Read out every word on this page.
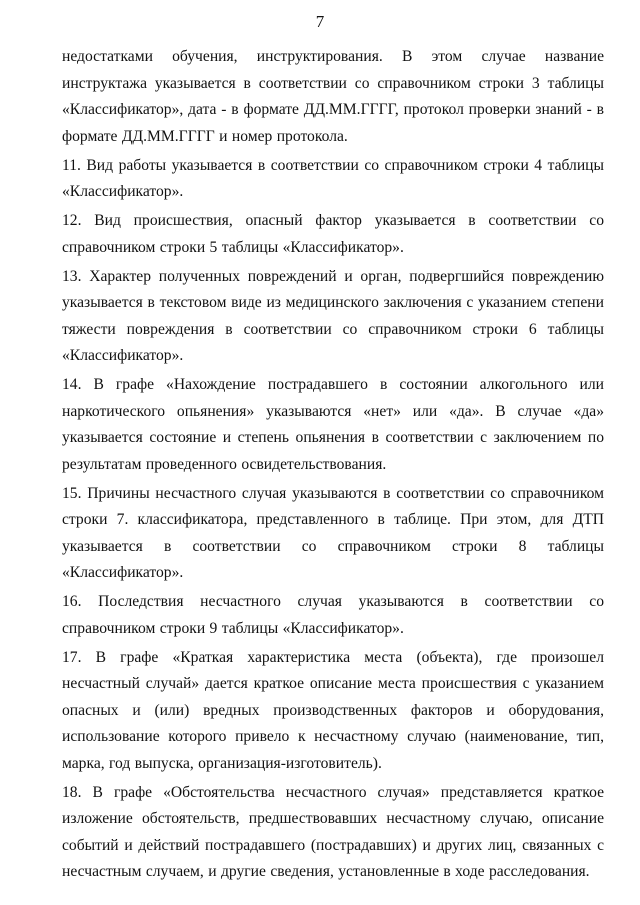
7

недостатками обучения, инструктирования. В этом случае название инструктажа указывается в соответствии со справочником строки 3 таблицы «Классификатор», дата - в формате ДД.ММ.ГГГГ, протокол проверки знаний - в формате ДД.ММ.ГГГГ и номер протокола.

11. Вид работы указывается в соответствии со справочником строки 4 таблицы «Классификатор».

12. Вид происшествия, опасный фактор указывается в соответствии со справочником строки 5 таблицы «Классификатор».

13. Характер полученных повреждений и орган, подвергшийся повреждению указывается в текстовом виде из медицинского заключения с указанием степени тяжести повреждения в соответствии со справочником строки 6 таблицы «Классификатор».

14. В графе «Нахождение пострадавшего в состоянии алкогольного или наркотического опьянения» указываются «нет» или «да». В случае «да» указывается состояние и степень опьянения в соответствии с заключением по результатам проведенного освидетельствования.

15. Причины несчастного случая указываются в соответствии со справочником строки 7. классификатора, представленного в таблице. При этом, для ДТП указывается в соответствии со справочником строки 8 таблицы «Классификатор».

16. Последствия несчастного случая указываются в соответствии со справочником строки 9 таблицы «Классификатор».

17. В графе «Краткая характеристика места (объекта), где произошел несчастный случай» дается краткое описание места происшествия с указанием опасных и (или) вредных производственных факторов и оборудования, использование которого привело к несчастному случаю (наименование, тип, марка, год выпуска, организация-изготовитель).

18. В графе «Обстоятельства несчастного случая» представляется краткое изложение обстоятельств, предшествовавших несчастному случаю, описание событий и действий пострадавшего (пострадавших) и других лиц, связанных с несчастным случаем, и другие сведения, установленные в ходе расследования.
